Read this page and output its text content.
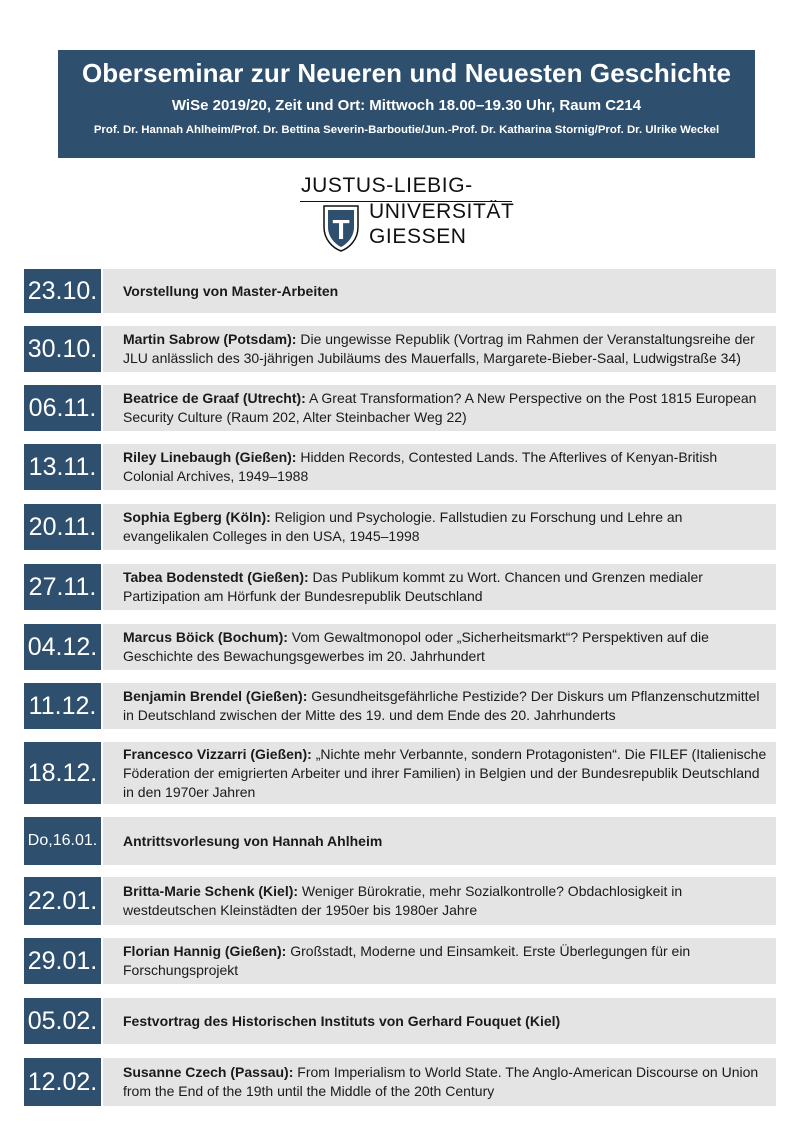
Oberseminar zur Neueren und Neuesten Geschichte
WiSe 2019/20, Zeit und Ort: Mittwoch 18.00–19.30 Uhr, Raum C214
Prof. Dr. Hannah Ahlheim/Prof. Dr. Bettina Severin-Barboutie/Jun.-Prof. Dr. Katharina Stornig/Prof. Dr. Ulrike Weckel
JUSTUS-LIEBIG-
T
UNIVERSITÄT
GIESSEN
23.10. Vorstellung von Master-Arbeiten
30.10. Martin Sabrow (Potsdam): Die ungewisse Republik (Vortrag im Rahmen der Veranstaltungsreihe der JLU anlässlich des 30-jährigen Jubiläums des Mauerfalls, Margarete-Bieber-Saal, Ludwigstraße 34)
06.11.	Beatrice de Graaf (Utrecht): A Great Transformation? A New Perspective on the Post 1815 European Security Culture (Raum 202, Alter Steinbacher Weg 22)
13.11.	Riley Linebaugh (Gießen): Hidden Records, Contested Lands. The Afterlives of Kenyan-British Colonial Archives, 1949–1988
20.11.	Sophia Egberg (Köln): Religion und Psychologie. Fallstudien zu Forschung und Lehre an evangelikalen Colleges in den USA, 1945–1998
27.11.	Tabea Bodenstedt (Gießen): Das Publikum kommt zu Wort. Chancen und Grenzen medialer Partizipation am Hörfunk der Bundesrepublik Deutschland
04.12. Marcus Böick (Bochum): Vom Gewaltmonopol oder „Sicherheitsmarkt“? Perspektiven auf die Geschichte des Bewachungsgewerbes im 20. Jahrhundert
11.12.	Benjamin Brendel (Gießen): Gesundheitsgefährliche Pestizide? Der Diskurs um Pflanzenschutzmittel in Deutschland zwischen der Mitte des 19. und dem Ende des 20. Jahrhunderts
18.12.
Francesco Vizzarri (Gießen): „Nichte mehr Verbannte, sondern Protagonisten“. Die FILEF (Italienische Föderation der emigrierten Arbeiter und ihrer Familien) in Belgien und der Bundesrepublik Deutschland in den 1970er Jahren
Do,16.01. Antrittsvorlesung von Hannah Ahlheim
22.01. Britta-Marie Schenk (Kiel): Weniger Bürokratie, mehr Sozialkontrolle? Obdachlosigkeit in westdeutschen Kleinstädten der 1950er bis 1980er Jahre
29.01. Florian Hannig (Gießen): Großstadt, Moderne und Einsamkeit. Erste Überlegungen für ein Forschungsprojekt
05.02. Festvortrag des Historischen Instituts von Gerhard Fouquet (Kiel)
12.02. Susanne Czech (Passau): From Imperialism to World State. The Anglo-American Discourse on Union from the End of the 19th until the Middle of the 20th Century
